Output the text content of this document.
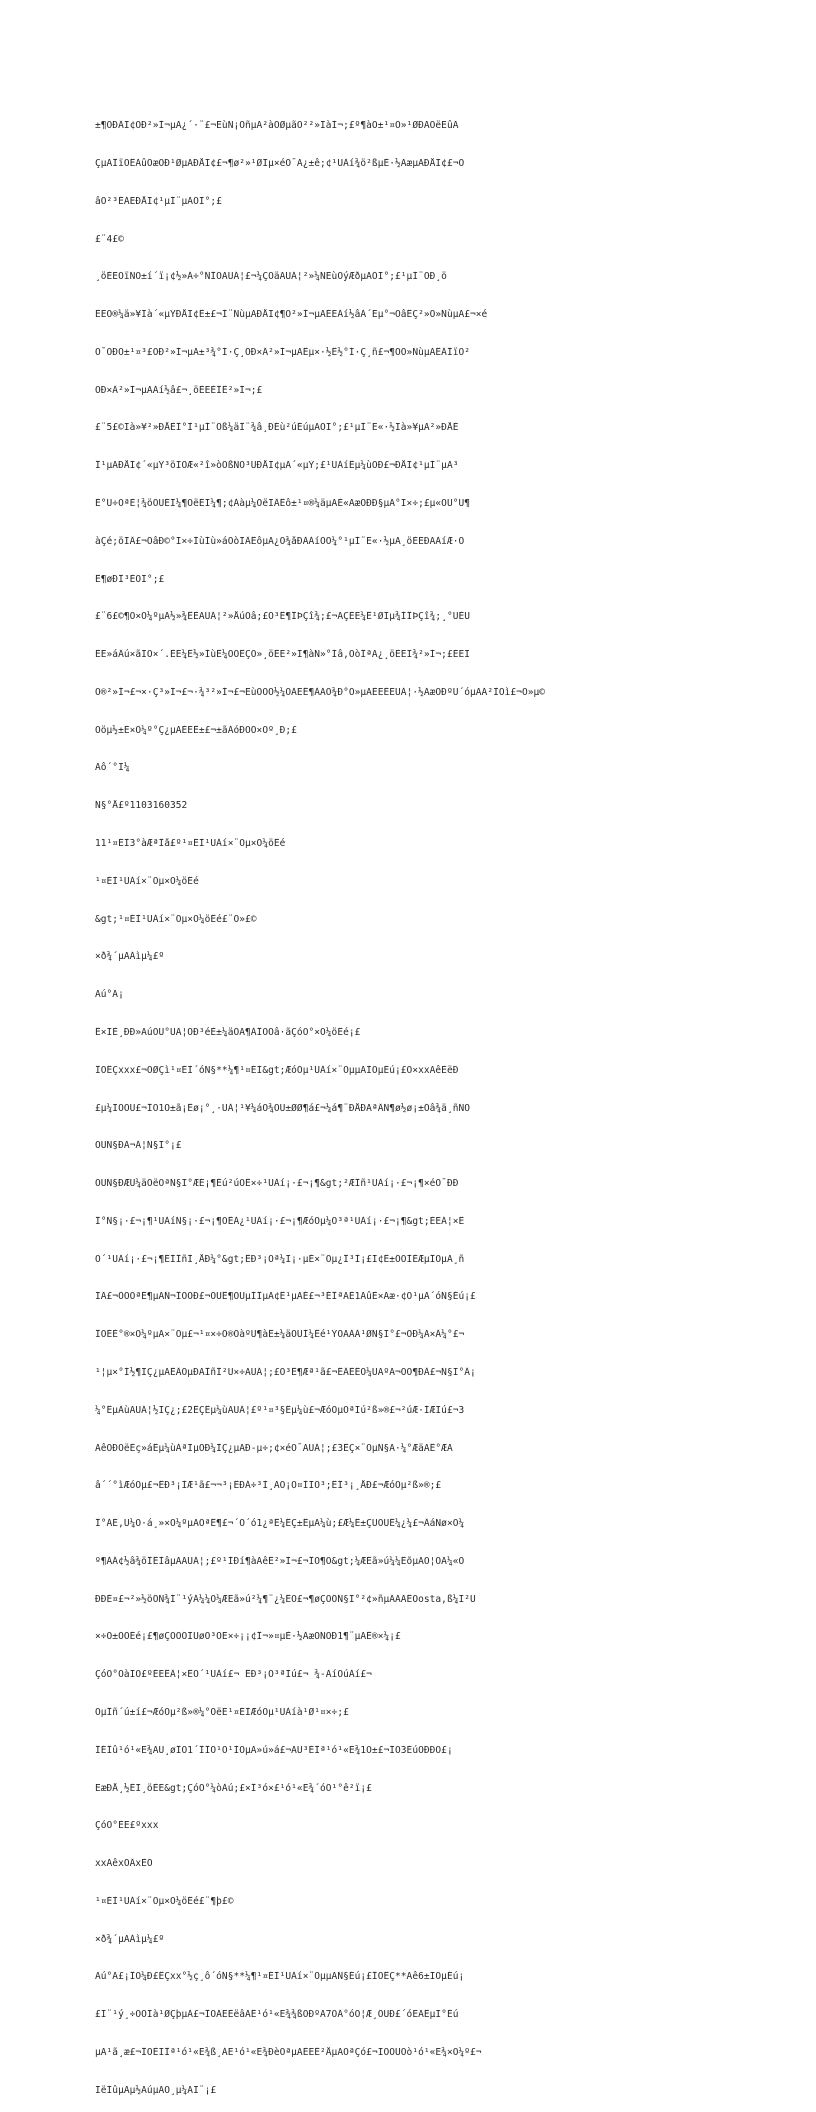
±¶ÔÐÂÏ¢ÓÐ²»Í¬µÄ¿´·¨£¬ËùÑ¡ÔñµÄ²àÖØµãÒ²²»ÏàÍ¬;£º¶àÔ±¹¤Ö»¹ØÐÄÓëËûÃ

ÇµÄÎïÖÊÀûÒæÓÐ¹ØµÄÐÅÏ¢£¬¶ø²»¹ØÏµ×éÖ¯Ä¿±ê;¢¹ÜÀí¾ö²ßµÈ·½ÃæµÄÐÅÏ¢£¬Ö

âÒ²³ÉÁËÐÅÏ¢¹µÍ¨µÄÕÏ°;£

£¨4£©

¸öÈËÓïÑÔ±í´ï¡¢½»Á÷°ÑÎÕÄÜÁ¦£¬¼ÇÒäÄÜÁ¦²»¼ÑËùÒýÆðµÄÕÏ°;£¹µÍ¨ÖÐ¸ö

ÈËÖ®¼ä»¥Ïà´«µÝÐÅÏ¢Ê±£¬Í¨ÑùµÄÐÅÏ¢¶Ô²»Í¬µÄÈËÀí½âÀ´Ëµ°¬ÒâÊÇ²»Ò»ÑùµÄ£¬×é

Ö¯ÖÐÔ±¹¤³£ÓÐ²»Í¬µÄ±³¾°Í·Ç¸ÕÐ×Â²»Í¬µÄÊµ×·½Ê½°Í·Ç¸ñ£¬¶ÔÒ»ÑùµÄÊÂÎïÒ²

ÔÐ×Â²»Í¬µÄÀí½â£¬¸öÈËÈÎÊ²»Í¬;£

£¨5£©Ïà»¥²»ÐÅÈÎ°Í¹µÍ¨Õß¼äÎ¨¾â¸ÐÉù²úÉúµÄÕÏ°;£¹µÍ¨Ë«·½Ïà»¥µÄ²»ÐÅÈ

Î¹µÄÐÅÏ¢´«µÝ³öÏÖÆ«²î»òÕßÑÓ³ÙÐÅÏ¢µÄ´«µÝ;£¹ÜÀíÊµ¼ùÖÐ£¬ÐÅÏ¢¹µÍ¨µÄ³

É°Ü÷ÓªÈ¦¾öÓÚÉÏ¼¶ÓëÉÏ¼¶;¢Ààµ¼ÓëÏÂÊô±¹¤®¼äµÄÈ«ÃæÓÐÐ§µÄ°Ï×÷;£µ«ÔÚ°Ü¶

àÇé;öÏÂ£¬ÕâÐ©°Ï×÷ÍùÍù»áÒòÏÂÊôµÄ¿Ö¾åÐÀÀíÒÔ¼°¹µÍ¨Ë«·½µÄ¸öÈËÐÄÀíÆ·Ö

Ê¶øÐÎ³ÉÕÏ°;£

£¨6£©¶Ô×Ô¼ºµÄ½»¾ÊÈÄÜÁ¦²»ÅúÒâ;£Ö³Ê¶ÎÞÇî¾;£¬ÄÇÈË¼Ê¹ØÏµ¾ÍÎÞÇî¾;¸°ÜÉÚ

ÈË»áÂú×ãÏÖ×´.ÈË¼Ê½»ÍùÊ¼ÖÕÊÇÒ»¸öÈË²»Ï¶àÑ»°Ìâ,ÒòÎªÃ¿¸öÈËÏ¾²»Í¬;£ÈËÏ

Ö®²»Í¬£¬×·Ç³»Í¬£¬·¾³²»Í¬£¬ËùÒÔÔ½¼ÓÀËÊ¶ÀÃÓ¾Ð°Ó»µÄÈËÈËÜÁ¦·½ÃæÓÐºÜ´óµÄÃ²ÌÒì£¬Ò»µ©

Óöµ½±È×Ô¼º°Ç¿µÄÈËÊ±£¬±ãÁóÐÖÒ×Ôº¸Ð;£

Äô´°Ï¼

Ñ§°Å£º1103160352

11¹¤ÉÌ3°àÆªÎå£º¹¤ÉÌ¹ÜÀí×¨Òµ×Ô¼öÊé

¹¤ÉÌ¹ÜÀí×¨Òµ×Ô¼öÊé

&gt;¹¤ÉÌ¹ÜÀí×¨Òµ×Ô¼öÊé£¨Ò»£©

×ð¾´µÄÁìµ¼£º

Äú°Ã¡

Ê×ÏÈ¸ÐÐ»ÄúÔÚ°ÙÃ¦ÖÐ³éÈ±¼äÔÄ¶ÁÎÒÔâ·ãÇóÖ°×Ô¼öÊé¡£

ÎÒÊÇxxx£¬ÖØÇì¹¤ÉÌ´óÑ§**¼¶¹¤ÉÌ&gt;ÆóÒµ¹ÜÀí×¨ÒµµÄÌÒµÉú¡£Ó×xxÄêÈëÐ

£µ¼ÏÖÖÚ£¬ÎÒ1Ö±ã¡Êø¡°¸·ÙÁ¦¹¥¼áÖ¾ÔÚ±ØØ¶á£¬¼á¶¨ÐÅÐÄªÂÑ¶ø½ø¡±Õâ¾ä¸ñÑÔ

ÔÚÑ§ÐÃ¬Á¦Ñ§Ï°¡£

ÔÚÑ§ÐÆÚ¼äÓëÒªÑ§Ï°ÆÉ¡¶Éú²úÓÊ×÷¹ÜÀí¡·£¬¡¶&gt;²ÆÎñ¹ÜÀí¡·£¬¡¶×éÖ¯ÐÐ

Î°Ñ§¡·£¬¡¶¹ÜÀíÑ§¡·£¬¡¶ÖÊÁ¿¹ÜÀí¡·£¬¡¶ÆóÒµ¼Ó³ª¹ÜÀí¡·£¬¡¶&gt;ÈËÁ¦×Ê

Ô´¹ÜÀí¡·£¬¡¶ÉÌÎñÌ¸ÅÐ¼°&gt;ÊÐ³¡Óª¼Ï¡·µÈ×¨Òµ¿Î³Ì¡£Ï¢Ê±ÕÒÌÈÆµÎÓµÄ¸ñ

ÏÃ£¬ÕÔÒªÊ¶µÄÑ¬ÎÒÓÐ£¬ÕÚÊ¶ÔÚµÌÎµÄ¢Ê¹µÄÉ£¬³ÉÎªÄÈ1ÄûÈ×Ãæ·¢Ô¹µÄ´óÑ§Éú¡£

ÎÒÈÈ°®×Ô¼ºµÄ×¨Òµ£¬¹¤×÷Ö®ÓàºÜ¶àÊ±¼äÔÚÍ¼Êé¹ÝÔÄÀÀ¹ØÑ§Ï°£¬ÓÐ¼Ã×Â¼°£¬

¹¦µ×°Í½¶ÏÇ¿µÄÊÂÒµÐÄÎñÎ²Ü×÷ÄÜÁ¦;£Ö³Ê¶Æª¹ã£¬ÊÂÊÊÖ¼ÜÄºÃ¬ÒÔ¶ÐÂ£¬Ñ§Ï°Â¡

¼°ÊµÀùÄÜÁ¦½ÏÇ¿;£2ÊÇÊµ¼ùÄÜÁ¦£º¹¤³§Êµ¼ù£¬ÆóÒµÓªÏú²ß»®£¬²úÆ·ÍÆÏú£¬3

ÄêÖÐÓëÈç»áÊµ¼ùÁªÏµÖÐ¼ÌÇ¿µÄÐ-µ÷;¢×éÖ¯ÄÜÁ¦;£3ÊÇ×¨ÒµÑ§Ä·¼°ÆäÄÊ°ÆÄ

â´´°ìÆóÒµ£¬ÊÐ³¡ÌÆ¹ã£¬¬³¡ÊÐÁ÷³Ì¸ÄÒ¡Ö¤ÌÏÖ³;ÊÎ³¡¸ÅÐ£¬ÆóÒµ²ß»®;£

Î°ÁÉ,Ü¼Ó·á¸»×Ô¼ºµÄÕªÊ¶£¬´Ó´ó1¿ªÊ¼ÊÇ±ÊµÄ¼ù;£Æ¼Ê±ÇÚÓÚÊ¼¿¼£¬ÂáÑø×Ô¼

º¶ÀÂ¢½â¾öÎÊÌâµÄÄÜÁ¦;£º¹ÍÐí¶àÄêÊ²»Í¬£¬ÎÒ¶Ô&gt;¼ÆÊã»ú¼¼ÊõµÄÓ¦ÓÃ¼«Ó

ÐÐÈ¤£¬²»½öÕÑ¾Í¨¹ýÁ¼¼Ò¼ÆËã»ú²¼¶¨¿¼ÊÔ£¬¶øÇÒÕÑ§Ï°²¢»ñµÃÃÃÊÔostа,ß¼Ï²Ù

×÷Ö±ÖÓÉé¡£¶øÇÒÖÕÏÚøÒ³ÓË×÷¡¡¢Î¬»¤µÈ·½ÃæÒÑÓÐ1¶¨µÄÊ®×¼¡£

ÇóÖ°ÔàÏÒ£ºÈËÊÂ¦×ÊÔ´¹ÜÀí£¬ ÊÐ³¡Ó³ªÏú£¬ ¾-ÀíÖúÀí£¬

ÒµÎñ´ú±í£¬ÆóÒµ²ß»®¼°ÓëË¹¤ÉÌÆóÒµ¹ÜÀíà¹Ø¹¤×÷;£

ÎÉÎû¹ó¹«Ë¾ÄÜ¸øÎÒ1´ÎÎÒ¹Ö¹ÌÒµÄ»ú»á£¬ÄÜ³ÉÎª¹ó¹«Ë¾1Ô±£¬ÎÒ3ÉúÓÐÐÒ£¡

ËæÐÅ¸½ÉÏ¸öÈË&gt;ÇóÖ°¼òÀú;£×Î³ó×£¹ó¹«Ë¾´óÕ¹°ê²ï¡£

ÇóÖ°ÈË£ºxxx

xxÄêxÔÂxÈÕ

¹¤ÉÌ¹ÜÀí×¨Òµ×Ô¼öÊé£¨¶þ£©

×ð¾´µÄÁìµ¼£º

Äú°Ã£¡ÎÒ¼Ð£ÊÇxx°½ç¸ô´óÑ§**¼¶¹¤ÉÌ¹ÜÀí×¨ÒµµÄÑ§Éú¡£ÎÒÊÇ**Äê6±ÏÒµÉú¡

£Ï¨¹ý¸÷ÖÖÏà¹ØÇþµÀ£¬ÎÒÁËÈëâÃÊ¹ó¹«Ë¾¾ßÓÐºÃ7ÕÂ°óÔ¦Æ¸ÕÛÐ£´óËÃÊµÏ°Éú

µÄ¹ã¸æ£¬ÎÒÈÏÎª¹ó¹«Ë¾ß¸ÁË¹ó¹«Ë¾ÐèÒªµÄÈËÊ²ÅµÄÖªÇó£¬ÏÖÔÚÒò¹ó¹«Ë¾×Ô¼º£¬

ÏëÍûµÃµ½ÄúµÄÖ¸µ¼ÄÏ¨¡£
